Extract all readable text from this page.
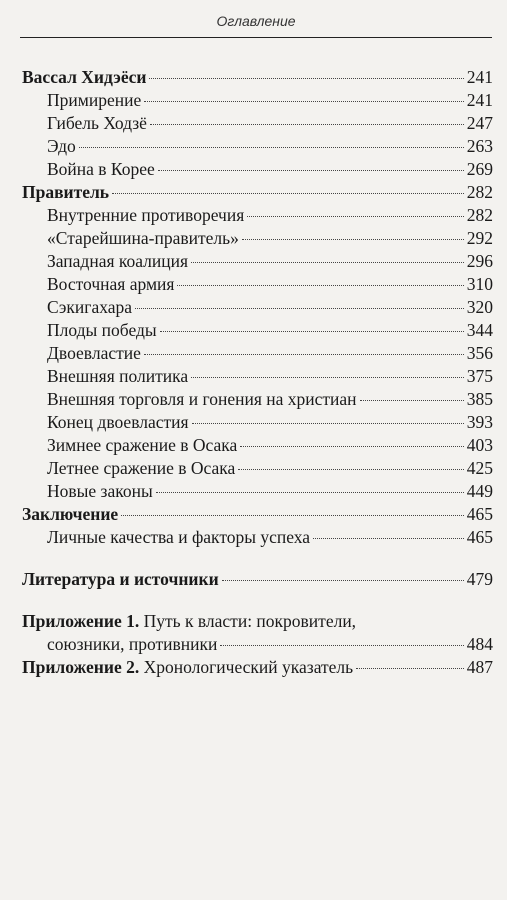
Оглавление
Вассал Хидэёси	241
Примирение	241
Гибель Ходзё	247
Эдо	263
Война в Корее	269
Правитель	282
Внутренние противоречия	282
«Старейшина-правитель»	292
Западная коалиция	296
Восточная армия	310
Сэкигахара	320
Плоды победы	344
Двоевластие	356
Внешняя политика	375
Внешняя торговля и гонения на христиан	385
Конец двоевластия	393
Зимнее сражение в Осака	403
Летнее сражение в Осака	425
Новые законы	449
Заключение	465
Личные качества и факторы успеха	465
Литература и источники	479
Приложение 1. Путь к власти: покровители,
союзники, противники	484
Приложение 2. Хронологический указатель	487
